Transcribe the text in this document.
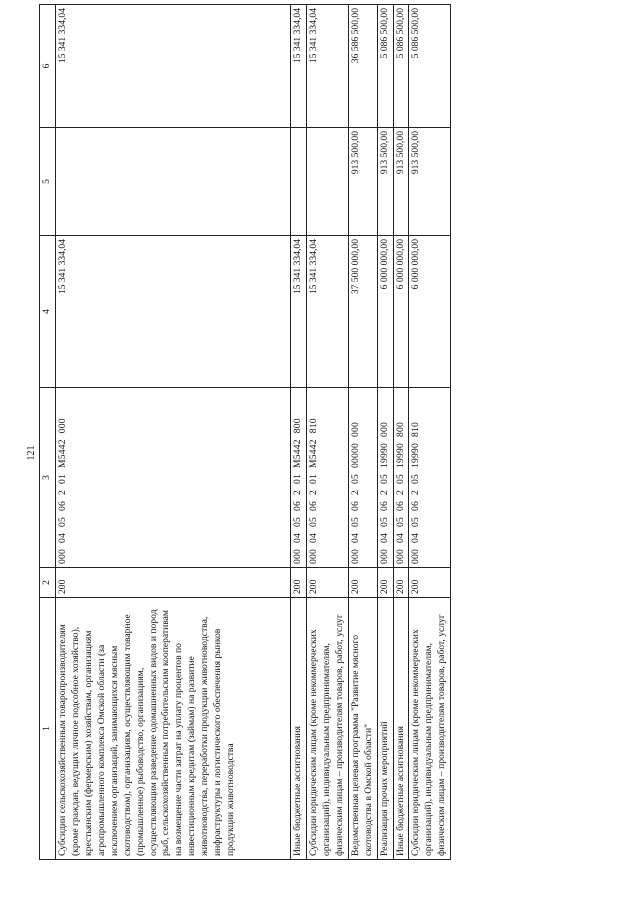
121
1	2	3	4	5	6
Субсидии сельскохозяйственным товаропроизводителям (кроме граждан, ведущих личное подсобное хозяйство), крестьянским (фермерским) хозяйствам, организациям агропромышленного комплекса Омской области (за исключением организаций, занимающихся мясным скотоводством), организациям, осуществляющим товарное (промышленное) рыбоводство, организациям, осуществляющим разведение одомашненных видов и пород рыб, сельскохозяйственным потребительским кооперативам на возмещение части затрат на уплату процентов по инвестиционным кредитам (займам) на развитие животноводства, переработки продукции животноводства, инфраструктуры и логистического обеспечения рынков продукции животноводства	200	000040506201М5442000	15 341 334,04		15 341 334,04
Иные бюджетные ассигнования	200	000040506201М5442800	15 341 334,04		15 341 334,04
Субсидии юридическим лицам (кроме некоммерческих организаций), индивидуальным предпринимателям, физическим лицам – производителям товаров, работ, услуг	200	000040506201М5442810	15 341 334,04		15 341 334,04
Ведомственная целевая программа "Развитие мясного скотоводства в Омской области"	200	00004050620500000000	37 500 000,00	913 500,00	36 586 500,00
Реализация прочих мероприятий	200	00004050620519990000	6 000 000,00	913 500,00	5 086 500,00
Иные бюджетные ассигнования	200	00004050620519990800	6 000 000,00	913 500,00	5 086 500,00
Субсидии юридическим лицам (кроме некоммерческих организаций), индивидуальным предпринимателям, физическим лицам – производителям товаров, работ, услуг	200	00004050620519990810	6 000 000,00	913 500,00	5 086 500,00
